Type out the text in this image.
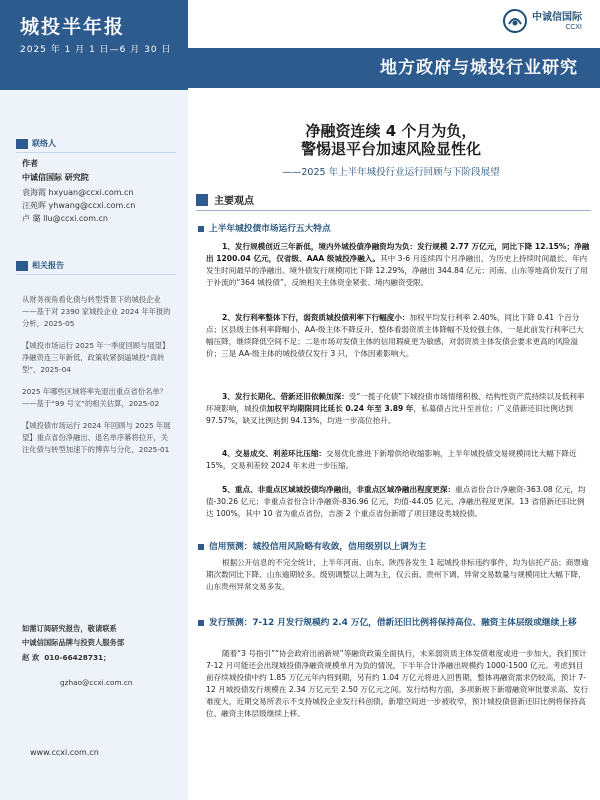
城投半年报
2025 年 1 月 1 日—6 月 30 日
地方政府与城投行业研究
中诚信国际
CCXI
联络人
作者
中诚信国际 研究院
袁海霞 hxyuan@ccxi.com.cn
汪苑晖 yhwang@ccxi.com.cn
卢 璐 llu@ccxi.com.cn
相关报告
从财务视角看化债与转型背景下的城投企业——基于对 2390 家城投企业 2024 年年报的分析，2025-05
【城投市场运行 2025 年一季度回顾与展望】净融资连三年新低，政策收紧倒逼城投“真转型”，2025-04
2025 年哪些区域将率先退出重点省份名单？——基于“99 号文”的相关估算，2025-02
【城投债市场运行 2024 年回顾与 2025 年展望】重点省份净融出、退名单序幕将拉开，关注化债与转型加速下的博弈与分化，2025-01
如需订阅研究报告，敬请联系
中诚信国际品牌与投资人服务部
赵 欢 010-66428731；
gzhao@ccxi.com.cn
www.ccxi.com.cn
净融资连续 4 个月为负，
警惕退平台加速风险显性化
——2025 年上半年城投行业运行回顾与下阶段展望
主要观点
上半年城投债市场运行五大特点
1、发行规模创近三年新低，境内外城投债净融资均为负：发行规模 2.77 万亿元，同比下降 12.15%；净融出 1200.04 亿元，仅省级、AAA 级城投净融入。其中 3-6 月连续四个月净融出，为历史上持续时间最长、年内发生时间最早的净融出。境外债发行规模同比下降 12.29%，净融出 344.84 亿元；河南、山东等地高价发行了用于补流的“364 城投债”，反映相关主体资金紧张、境内融资受限。
2、发行利率整体下行，弱资质城投债利率下行幅度小：加权平均发行利率 2.40%，同比下降 0.41 个百分点；区县级主体利率降幅小，AA-级主体不降反升，整体看弱资质主体降幅不及较强主体，一是此前发行利率已大幅压降，继续降低空间不足；二是市场对发债主体的信用瑕疵更为敏感，对弱资质主体发债会要求更高的风险溢价；三是 AA-级主体的城投债仅发行 3 只，个体因素影响大。
3、发行长期化、借新还旧依赖加深：受“一揽子化债”下城投债市场情绪积极、结构性资产荒持续以及低利率环境影响，城投债加权平均期限同比延长 0.24 年至 3.89 年，私募债占比升至首位；广义借新还旧比例达到 97.57%，缺叉比例达到 94.13%，均进一步高位抬升。
4、交易成交、利差环比压缩：交易优化推进下新增供给收缩影响，上半年城投债交易规模同比大幅下降近 15%，交易利差较 2024 年末进一步压缩。
5、重点、非重点区域城投债均净融出，非重点区域净融出程度更深：重点省份合计净融资-363.08 亿元，均值-30.26 亿元；非重点省份合计净融资-836.96 亿元，均值-44.05 亿元，净融出程度更深。13 省借新还旧比例达 100%，其中 10 省为重点省份，吉浙 2 个重点省份新增了项目建设类城投债。
信用预测：城投信用风险略有收敛，信用级别以上调为主
根据公开信息的不完全统计，上半年河南、山东、陕西各发生 1 起城投非标违约事件，均为信托产品；商票逾期次数同比下降、山东逾期较多。级别调整以上调为主，仅云南、贵州下调。异常交易数量与规模同比大幅下降，山东贵州异常交易多发。
发行预测：7-12 月发行规模约 2.4 万亿，借新还旧比例将保持高位、融资主体层级或继续上移
随着“3 号指引”“协会政府出函新规”等融资政策全面执行，未来弱资质主体发债难度或进一步加大，我们预计 7-12 月可能还会出现城投债净融资规模单月为负的情况，下半年合计净融出规模约 1000-1500 亿元。考虑到目前存续城投债中约 1.85 万亿元年内将到期，另有约 1.04 万亿元将进入回售期，整体再融资需求仍较高，预计 7-12 月城投债发行规模在 2.34 万亿元至 2.50 万亿元之间。发行结构方面，多项新规下新增融资审批要求高、发行难度大，近期交易所表示不支持城投企业发行科创债，新增空间进一步被收窄，预计城投债借新还旧比例将保持高位、融资主体层级继续上移。
